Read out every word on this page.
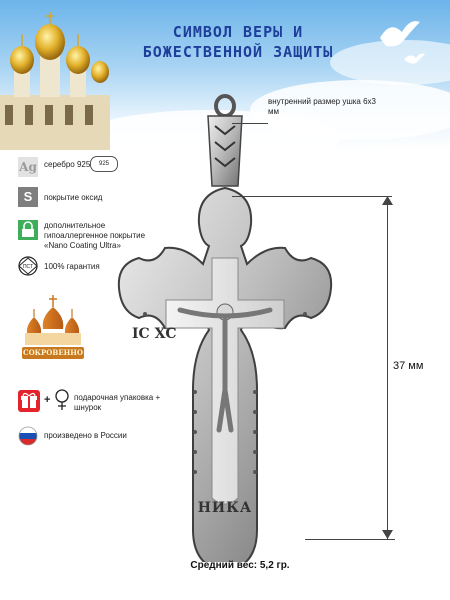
СИМВОЛ ВЕРЫ И
БОЖЕСТВЕННОЙ ЗАЩИТЫ
Ag серебро 925	925
S	покрытие оксид
дополнительное гипоаллергенное покрытие «Nano Coating Ultra»
ПСТ 100% гарантия
СОКРОВЕННО
+	подарочная упаковка + шнурок
произведено в России
ІС ХС
НИКА
внутренний размер ушка 6х3 мм
37 мм
Средний вес: 5,2 гр.
